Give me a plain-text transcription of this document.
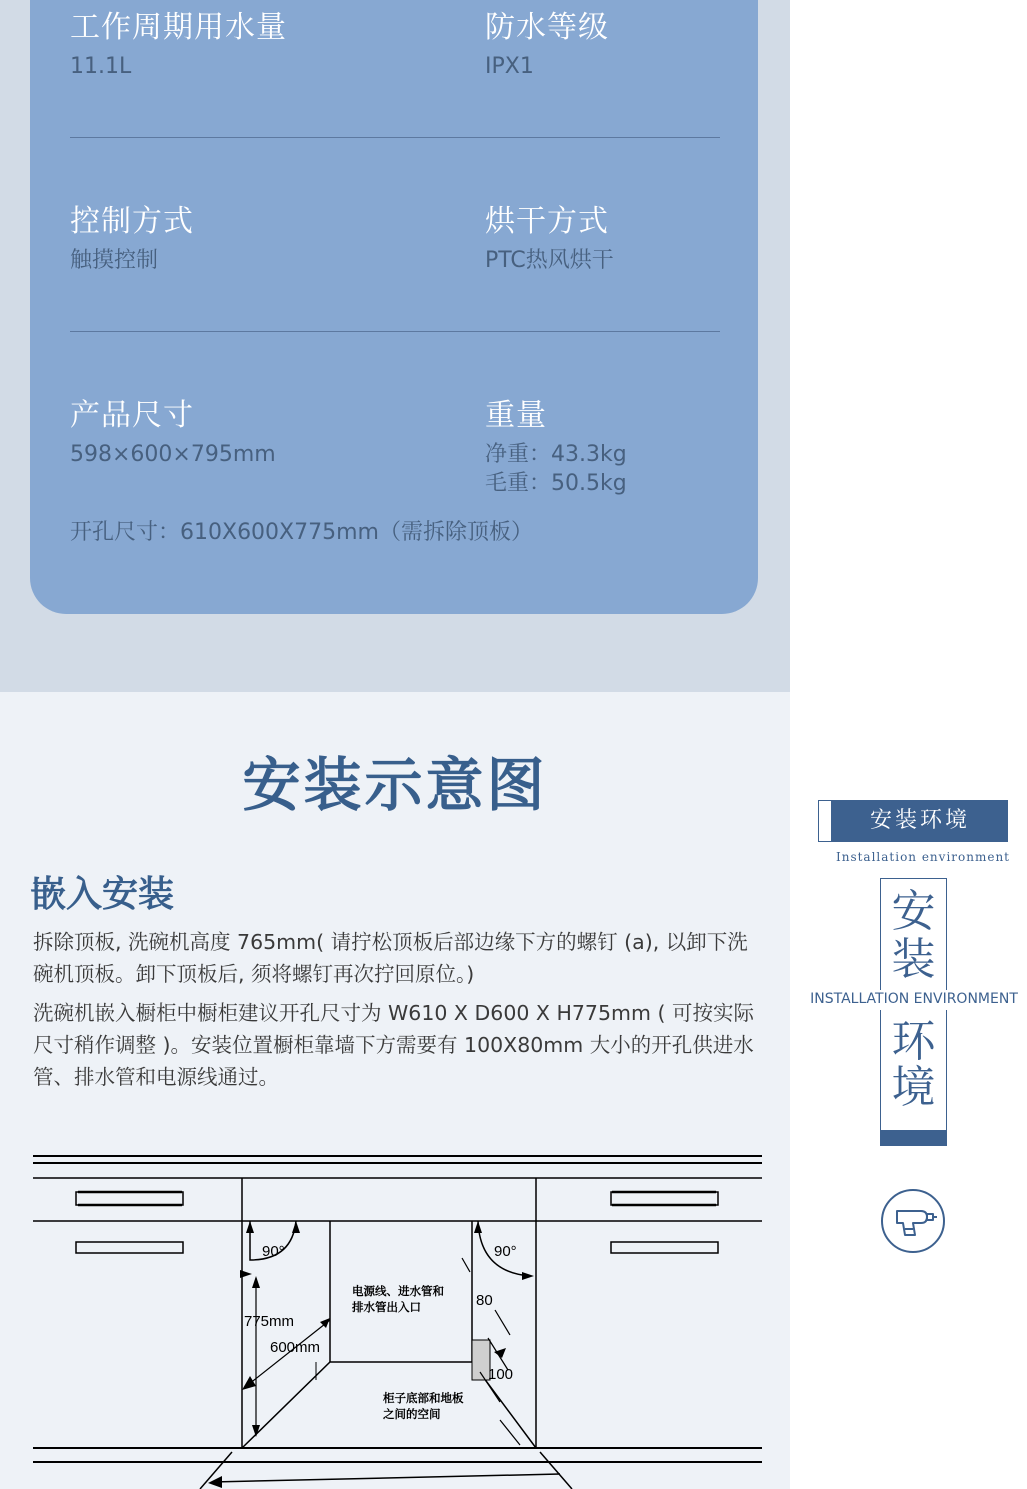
工作周期用水量
11.1L
防水等级
IPX1
控制方式
触摸控制
烘干方式
PTC热风烘干
产品尺寸
598×600×795mm
重量
净重：43.3kg
毛重：50.5kg
开孔尺寸：610X600X775mm（需拆除顶板）
安装示意图
嵌入安装
拆除顶板, 洗碗机高度 765mm( 请拧松顶板后部边缘下方的螺钉 (a), 以卸下洗碗机顶板。卸下顶板后, 须将螺钉再次拧回原位。)
洗碗机嵌入橱柜中橱柜建议开孔尺寸为 W610 X D600 X H775mm ( 可按实际尺寸稍作调整 )。安装位置橱柜靠墙下方需要有 100X80mm 大小的开孔供进水管、排水管和电源线通过。
安装环境
Installation environment
安
装
INSTALLATION ENVIRONMENT
环
境
90°	90°
775mm
600mm
80
100
电源线、进水管和
排水管出入口
柜子底部和地板
之间的空间
